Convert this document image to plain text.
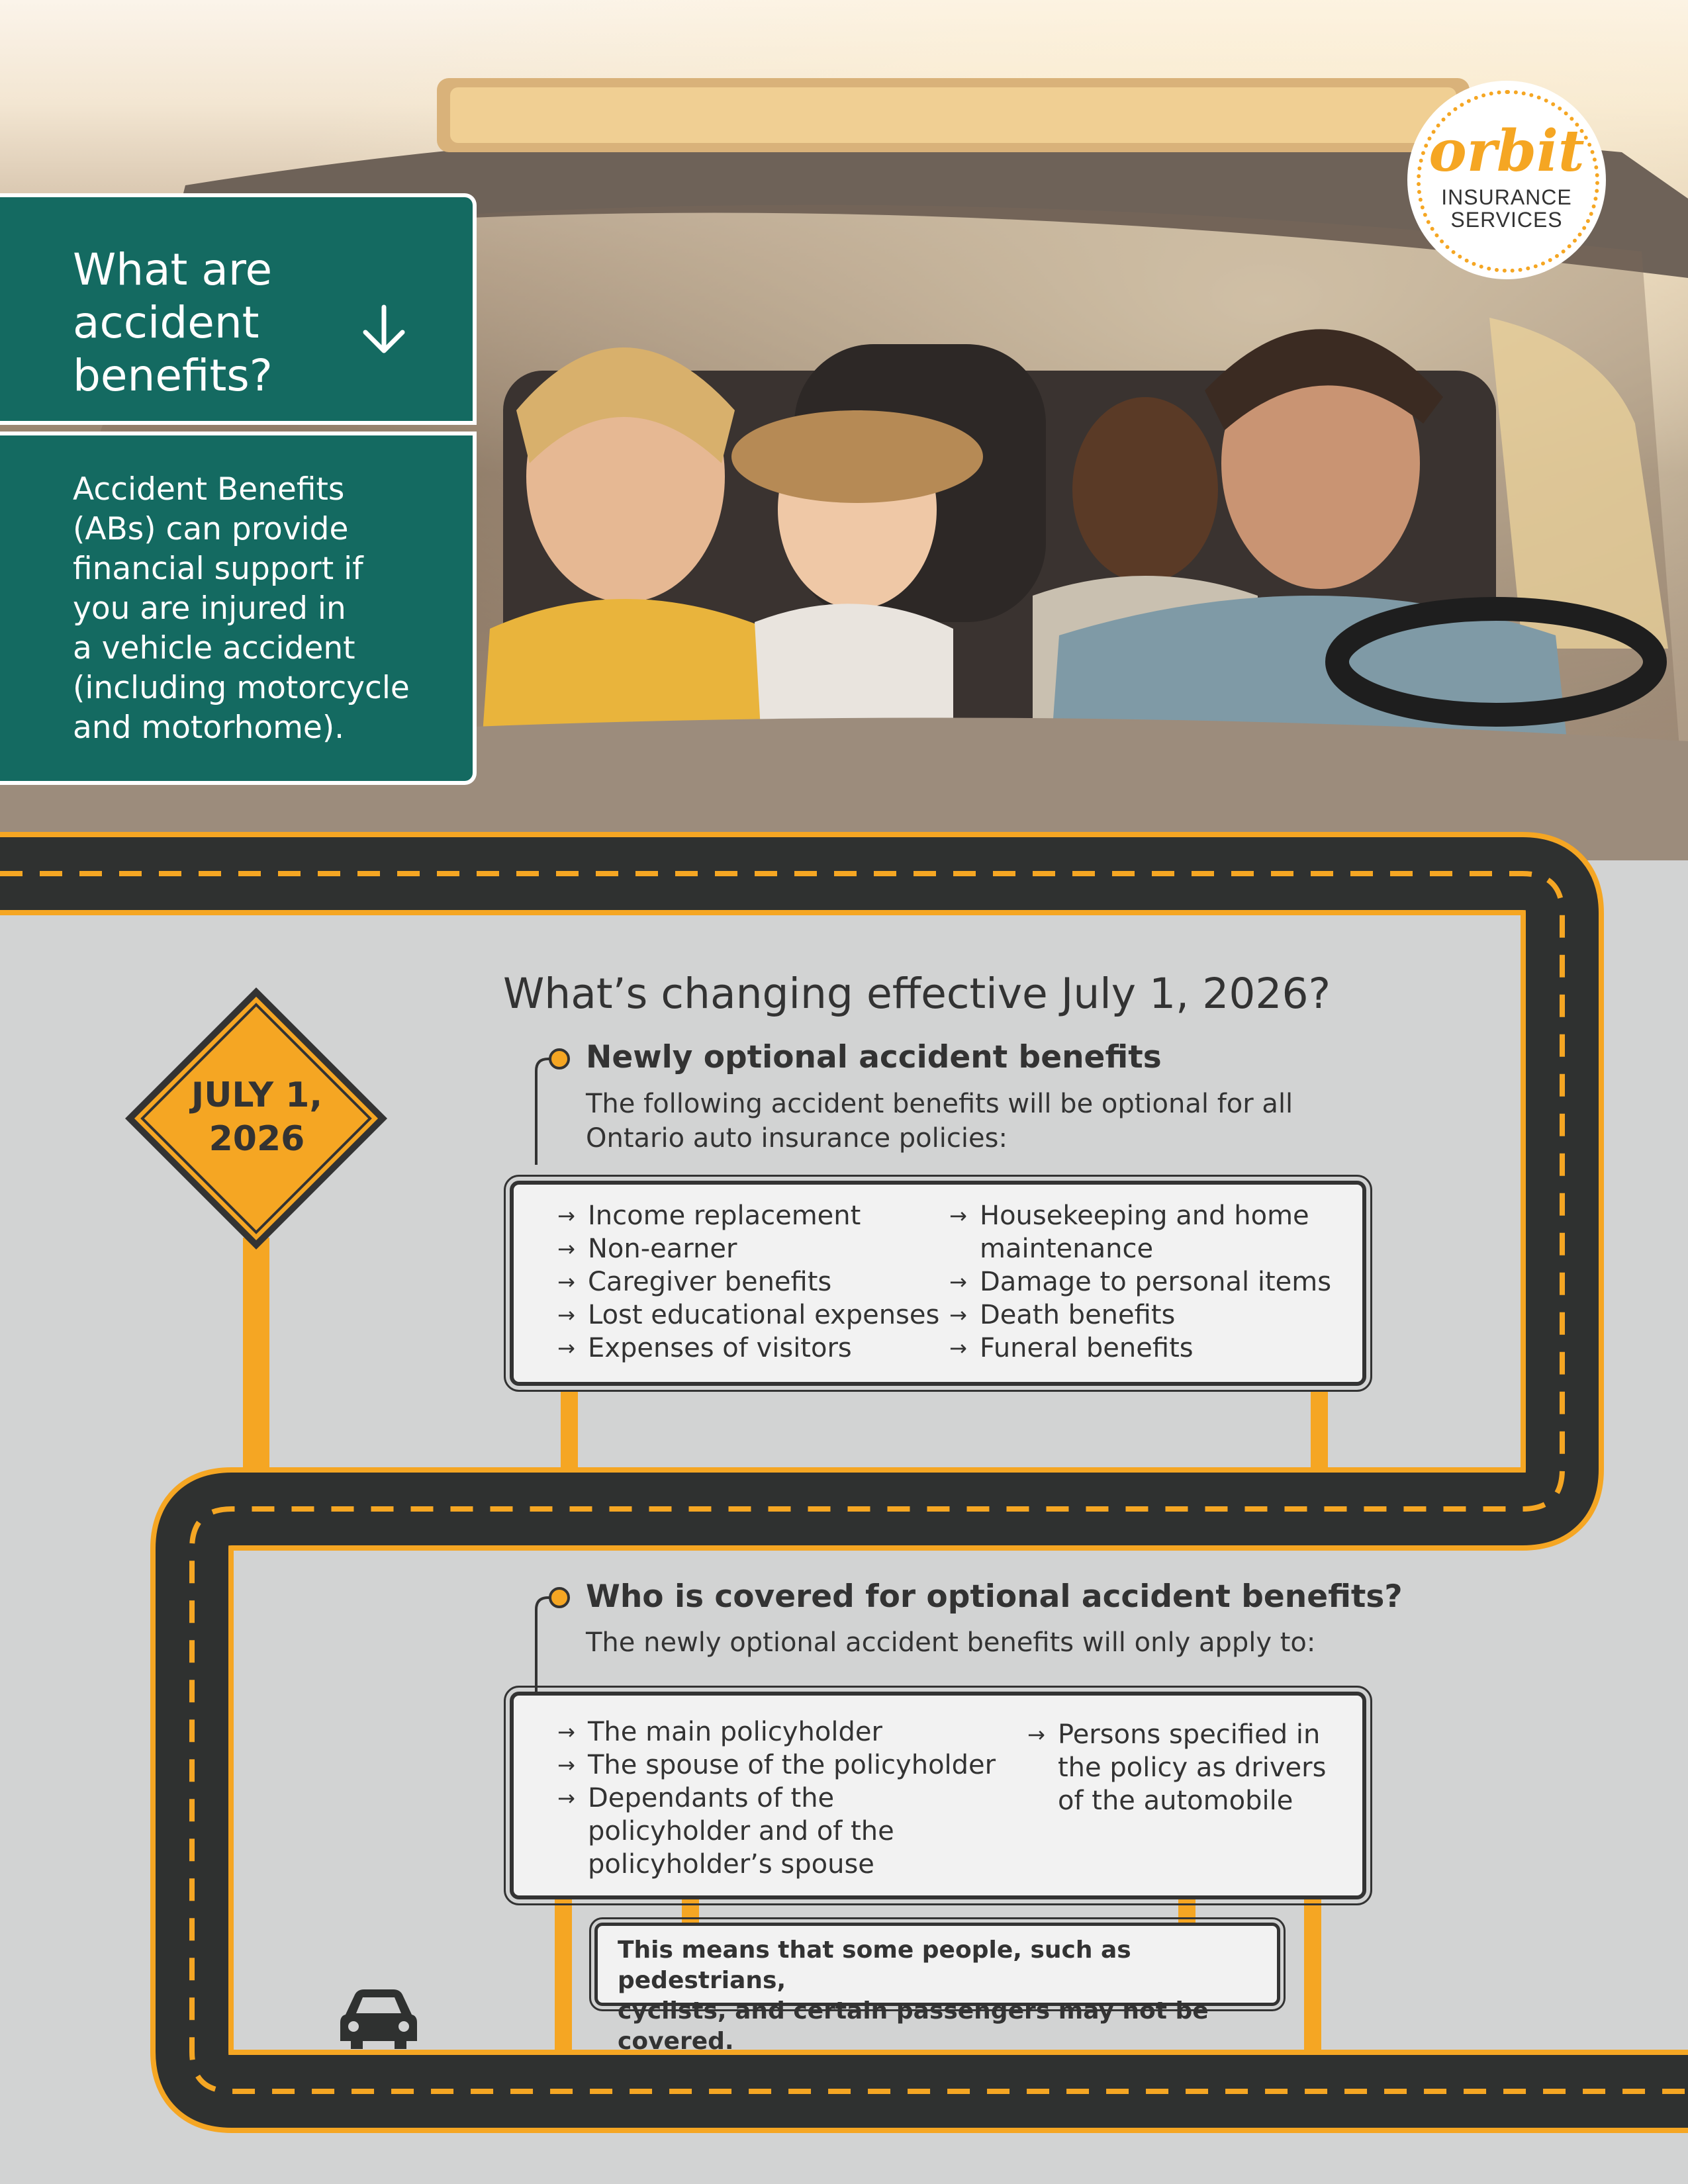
orbit
INSURANCE
SERVICES
What are
accident
benefits?
Accident Benefits
(ABs) can provide
financial support if
you are injured in
a vehicle accident
(including motorcycle
and motorhome).
JULY 1,
2026
What’s changing effective July 1, 2026?
Newly optional accident benefits
The following accident benefits will be optional for all
Ontario auto insurance policies:
→ Income replacement
→ Non-earner
→ Caregiver benefits
→ Lost educational expenses
→ Expenses of visitors
→ Housekeeping and home
maintenance
→ Damage to personal items
→ Death benefits
→ Funeral benefits
Who is covered for optional accident benefits?
The newly optional accident benefits will only apply to:
→ The main policyholder
→ The spouse of the policyholder
→ Dependants of the
policyholder and of the
policyholder’s spouse
→ Persons specified in
the policy as drivers
of the automobile
This means that some people, such as pedestrians,
cyclists, and certain passengers may not be covered.
